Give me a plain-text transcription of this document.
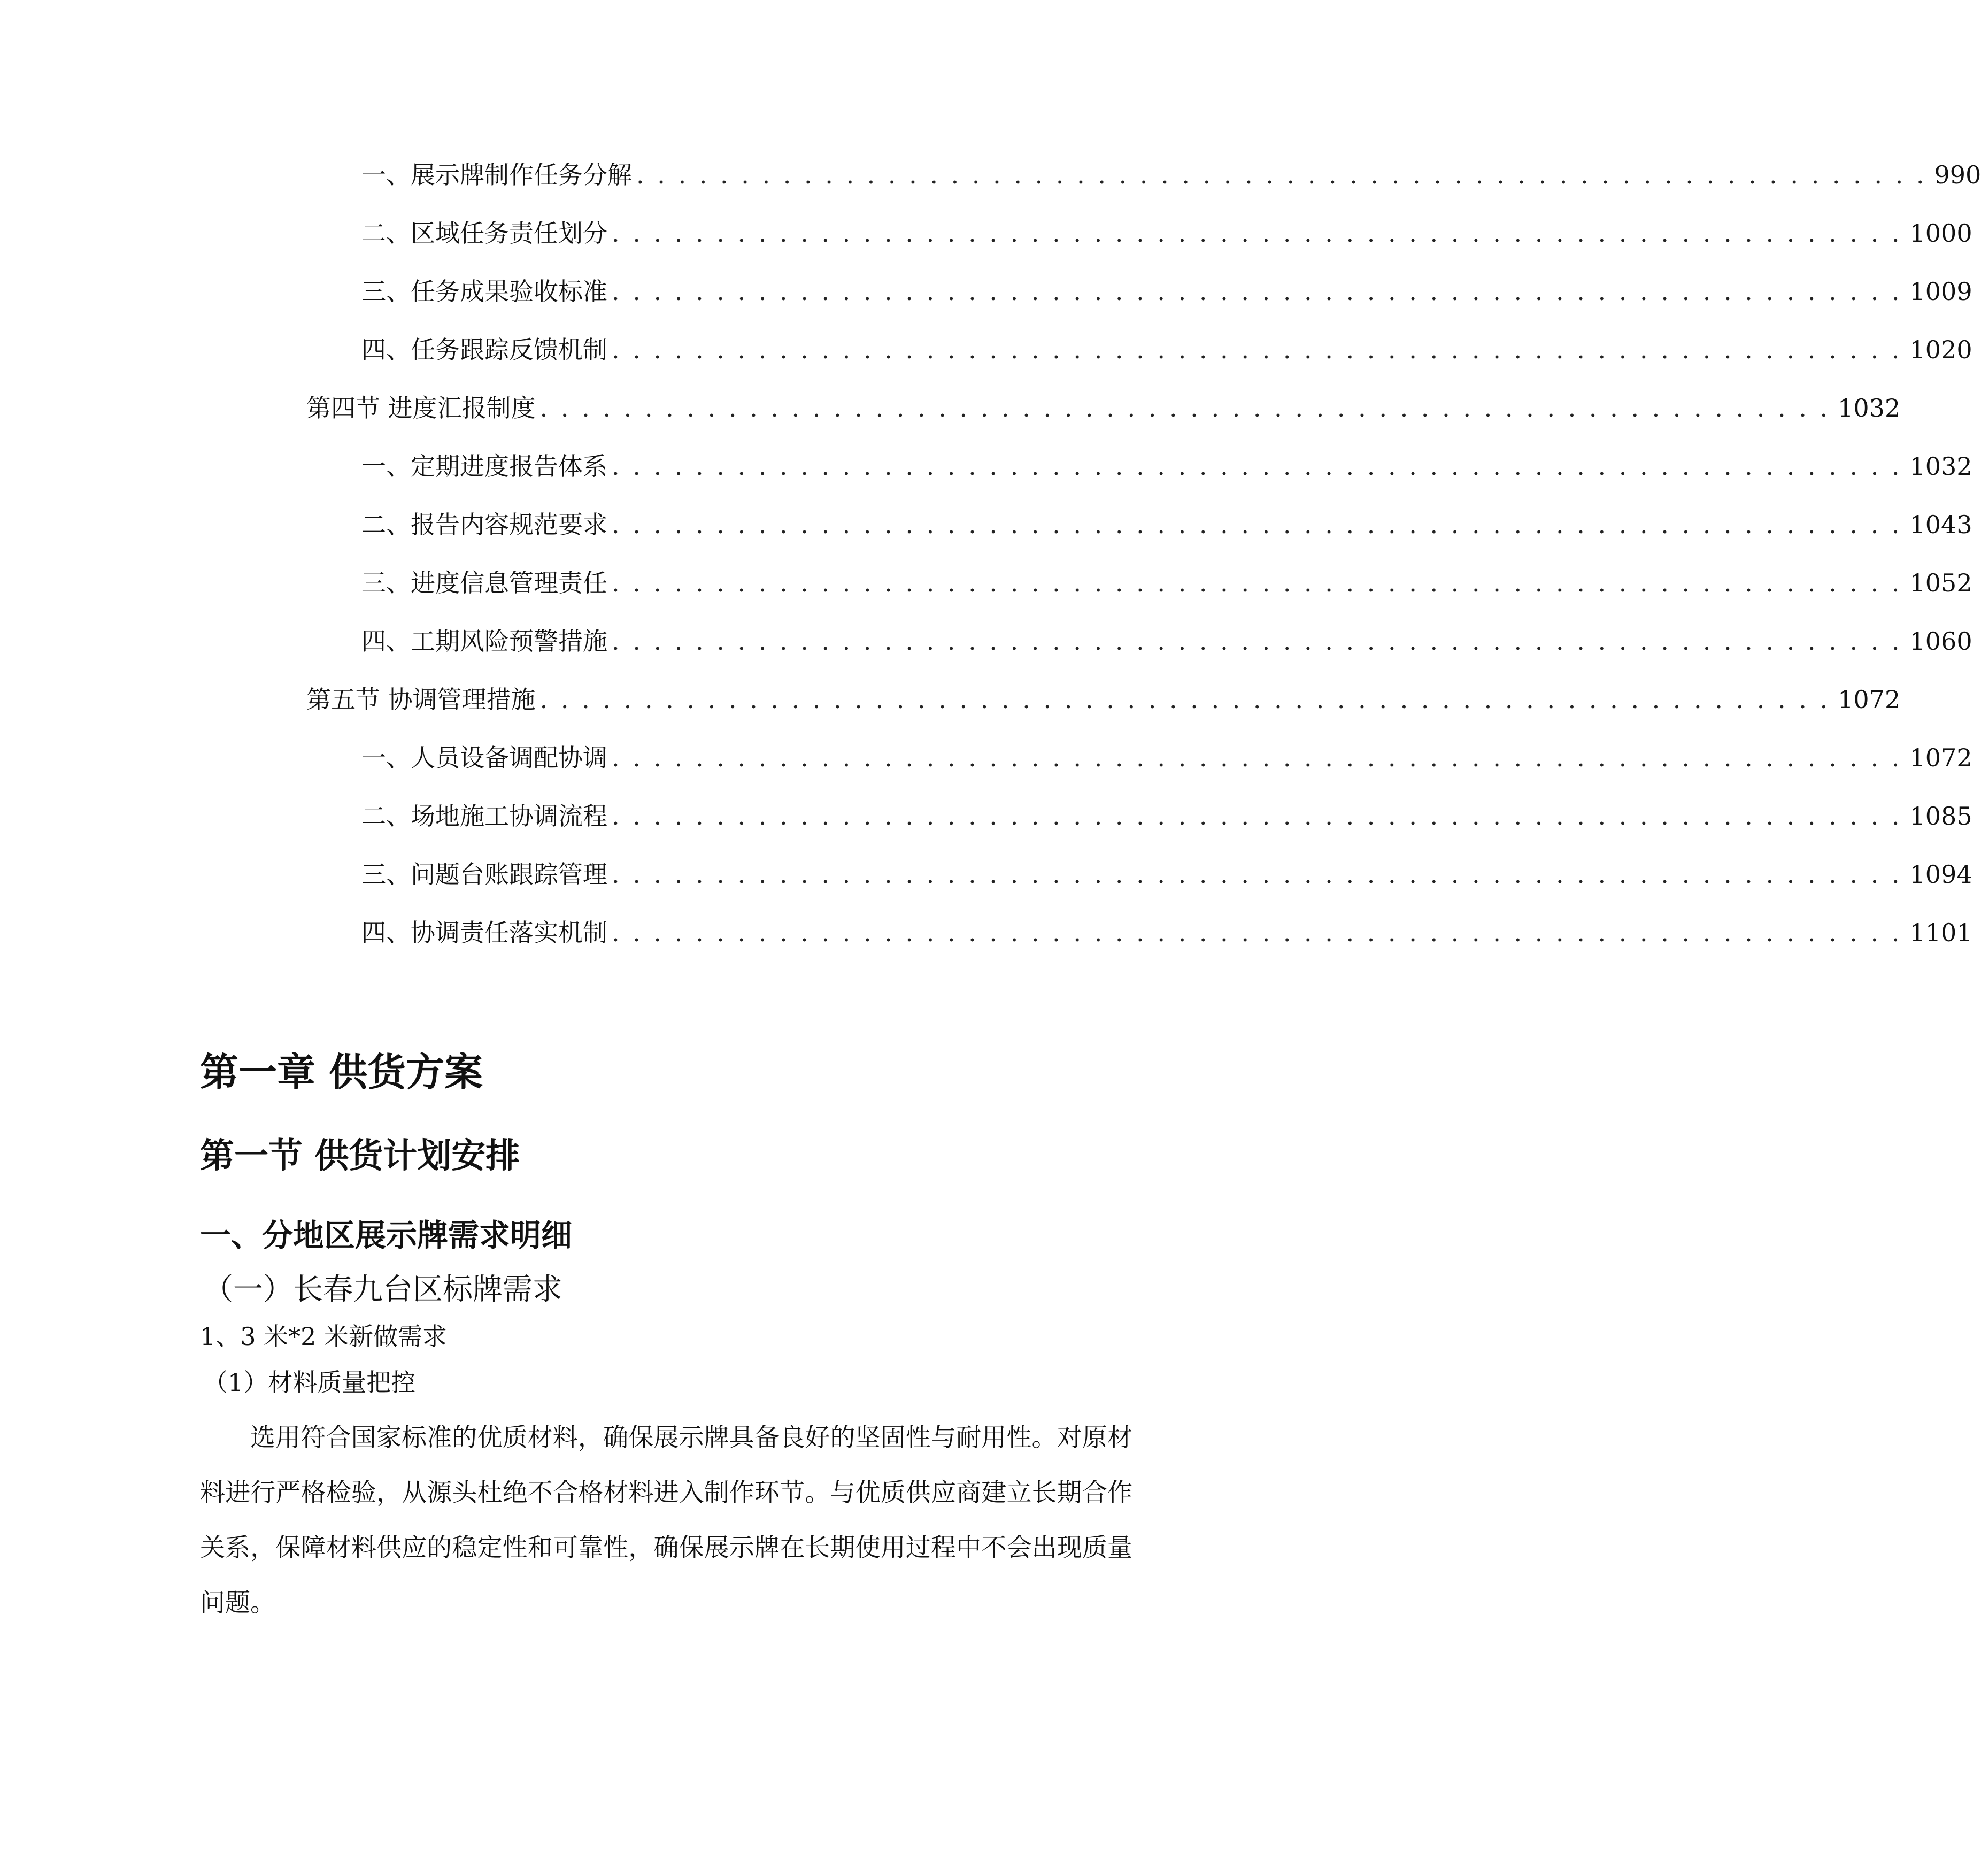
一、 展示牌制作任务分解 . . . . . . . . . . . . . . . . . . . . . . . . . . . . . . . . . . . . . . . . . . . . . . . . . . . . . . . . . . . . . . 990
二、 区域任务责任划分 . . . . . . . . . . . . . . . . . . . . . . . . . . . . . . . . . . . . . . . . . . . . . . . . . . . . . . . . . . . . . . 1000
三、 任务成果验收标准 . . . . . . . . . . . . . . . . . . . . . . . . . . . . . . . . . . . . . . . . . . . . . . . . . . . . . . . . . . . . . . 1009
四、 任务跟踪反馈机制 . . . . . . . . . . . . . . . . . . . . . . . . . . . . . . . . . . . . . . . . . . . . . . . . . . . . . . . . . . . . . . 1020
第四节 进度汇报制度 . . . . . . . . . . . . . . . . . . . . . . . . . . . . . . . . . . . . . . . . . . . . . . . . . . . . . . . . . . . . . . 1032
一、 定期进度报告体系 . . . . . . . . . . . . . . . . . . . . . . . . . . . . . . . . . . . . . . . . . . . . . . . . . . . . . . . . . . . . . . 1032
二、 报告内容规范要求 . . . . . . . . . . . . . . . . . . . . . . . . . . . . . . . . . . . . . . . . . . . . . . . . . . . . . . . . . . . . . . 1043
三、 进度信息管理责任 . . . . . . . . . . . . . . . . . . . . . . . . . . . . . . . . . . . . . . . . . . . . . . . . . . . . . . . . . . . . . . 1052
四、 工期风险预警措施 . . . . . . . . . . . . . . . . . . . . . . . . . . . . . . . . . . . . . . . . . . . . . . . . . . . . . . . . . . . . . . 1060
第五节 协调管理措施 . . . . . . . . . . . . . . . . . . . . . . . . . . . . . . . . . . . . . . . . . . . . . . . . . . . . . . . . . . . . . . 1072
一、 人员设备调配协调 . . . . . . . . . . . . . . . . . . . . . . . . . . . . . . . . . . . . . . . . . . . . . . . . . . . . . . . . . . . . . . 1072
二、 场地施工协调流程 . . . . . . . . . . . . . . . . . . . . . . . . . . . . . . . . . . . . . . . . . . . . . . . . . . . . . . . . . . . . . . 1085
三、 问题台账跟踪管理 . . . . . . . . . . . . . . . . . . . . . . . . . . . . . . . . . . . . . . . . . . . . . . . . . . . . . . . . . . . . . . 1094
四、 协调责任落实机制 . . . . . . . . . . . . . . . . . . . . . . . . . . . . . . . . . . . . . . . . . . . . . . . . . . . . . . . . . . . . . . 1101
第一章 供货方案
第一节 供货计划安排
一、分地区展示牌需求明细
（一）长春九台区标牌需求
1、3 米*2 米新做需求
（1）材料质量把控

选用符合国家标准的优质材料，确保展示牌具备良好的坚固性与耐用性。对原材料进行严格检验，从源头杜绝不合格材料进入制作环节。与优质供应商建立长期合作关系，保障材料供应的稳定性和可靠性，确保展示牌在长期使用过程中不会出现质量问题。
